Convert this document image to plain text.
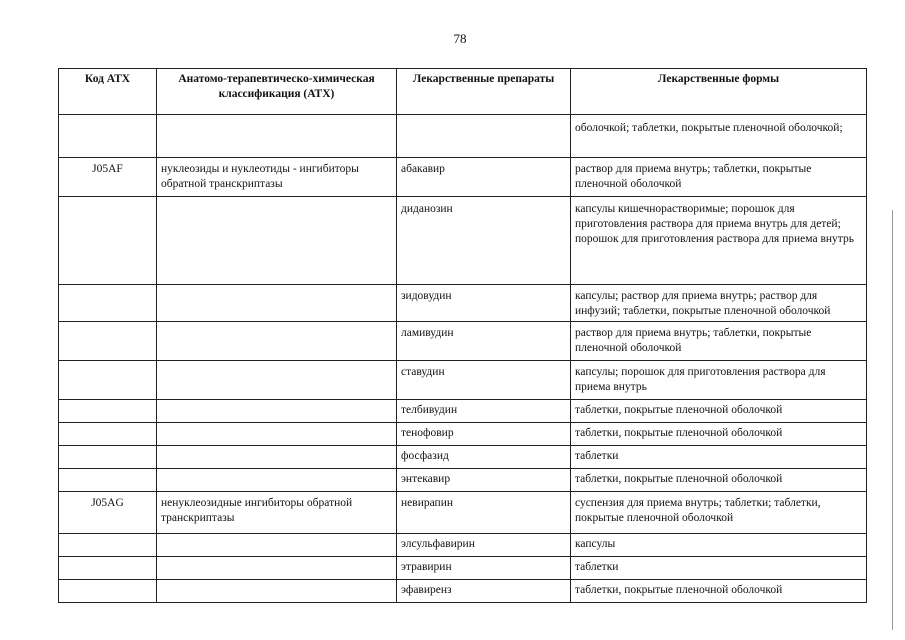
78
Код АТХ	Анатомо-терапевтическо-химическая классификация (АТХ)	Лекарственные препараты	Лекарственные формы
			оболочкой; таблетки, покрытые пленочной оболочкой;
J05AF	нуклеозиды и нуклеотиды - ингибиторы обратной транскриптазы	абакавир	раствор для приема внутрь; таблетки, покрытые пленочной оболочкой
		диданозин	капсулы кишечнорастворимые; порошок для приготовления раствора для приема внутрь для детей; порошок для приготовления раствора для приема внутрь
		зидовудин	капсулы; раствор для приема внутрь; раствор для инфузий; таблетки, покрытые пленочной оболочкой
		ламивудин	раствор для приема внутрь; таблетки, покрытые пленочной оболочкой
		ставудин	капсулы; порошок для приготовления раствора для приема внутрь
		телбивудин	таблетки, покрытые пленочной оболочкой
		тенофовир	таблетки, покрытые пленочной оболочкой
		фосфазид	таблетки
		энтекавир	таблетки, покрытые пленочной оболочкой
J05AG	ненуклеозидные ингибиторы обратной транскриптазы	невирапин	суспензия для приема внутрь; таблетки; таблетки, покрытые пленочной оболочкой
		элсульфавирин	капсулы
		этравирин	таблетки
		эфавиренз	таблетки, покрытые пленочной оболочкой
